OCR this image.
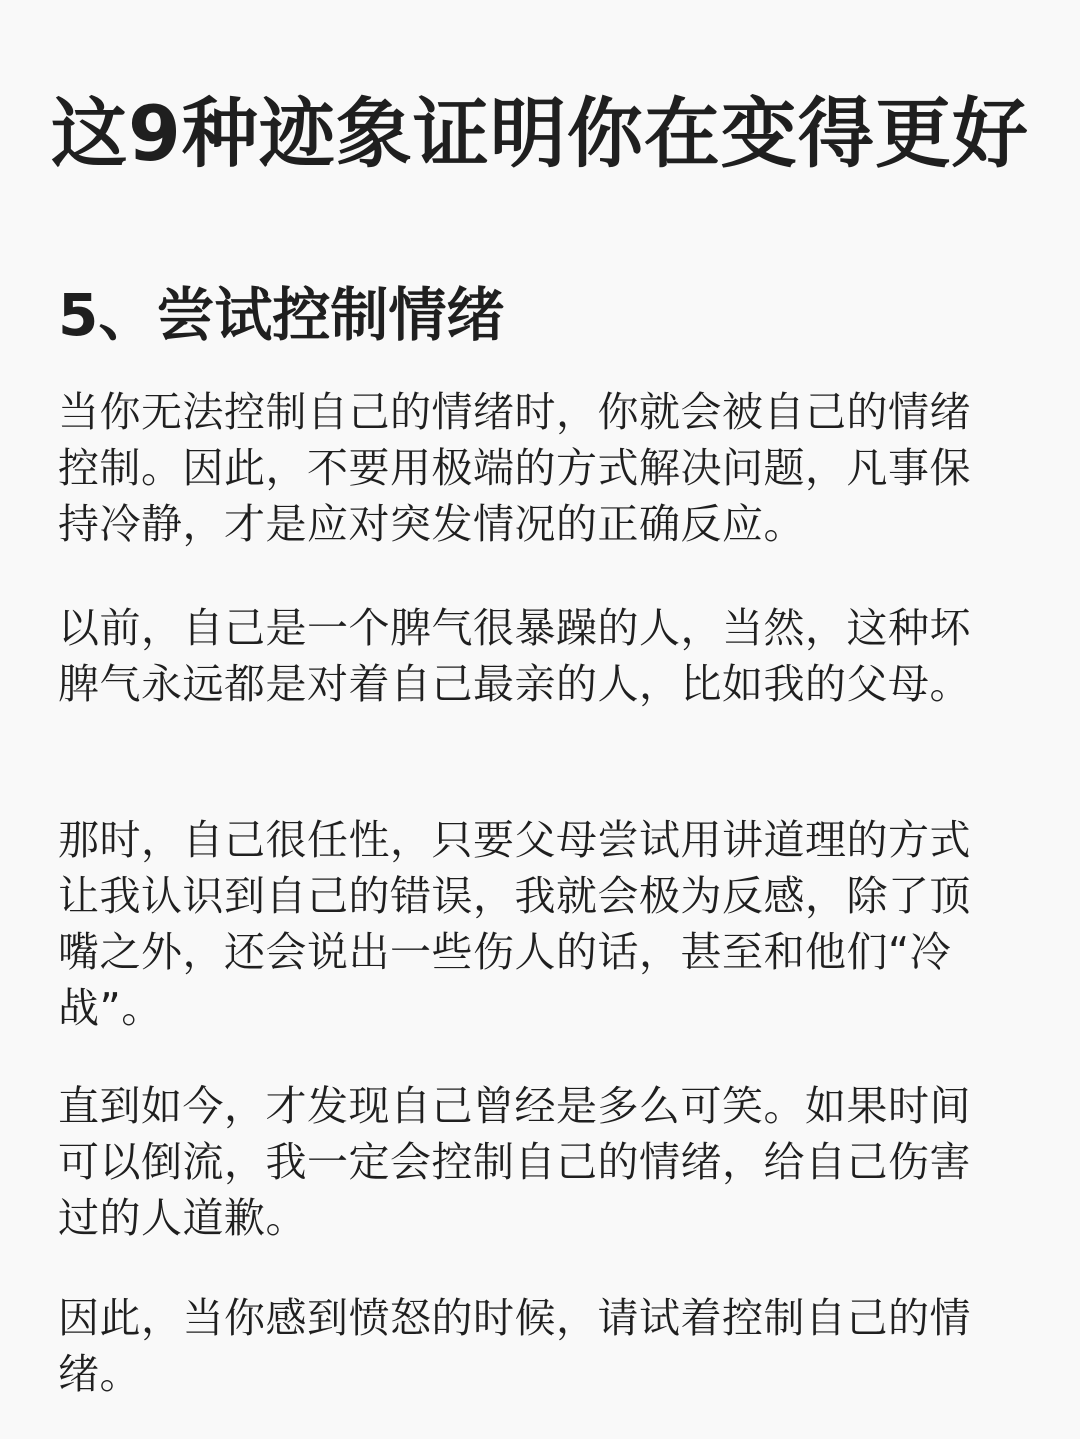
这9种迹象证明你在变得更好
5、尝试控制情绪

当你无法控制自己的情绪时，你就会被自己的情绪控制。因此，不要用极端的方式解决问题，凡事保持冷静，才是应对突发情况的正确反应。

以前，自己是一个脾气很暴躁的人，当然，这种坏脾气永远都是对着自己最亲的人，比如我的父母。

那时，自己很任性，只要父母尝试用讲道理的方式让我认识到自己的错误，我就会极为反感，除了顶嘴之外，还会说出一些伤人的话，甚至和他们“冷战”。

直到如今，才发现自己曾经是多么可笑。如果时间可以倒流，我一定会控制自己的情绪，给自己伤害过的人道歉。

因此，当你感到愤怒的时候，请试着控制自己的情绪。
